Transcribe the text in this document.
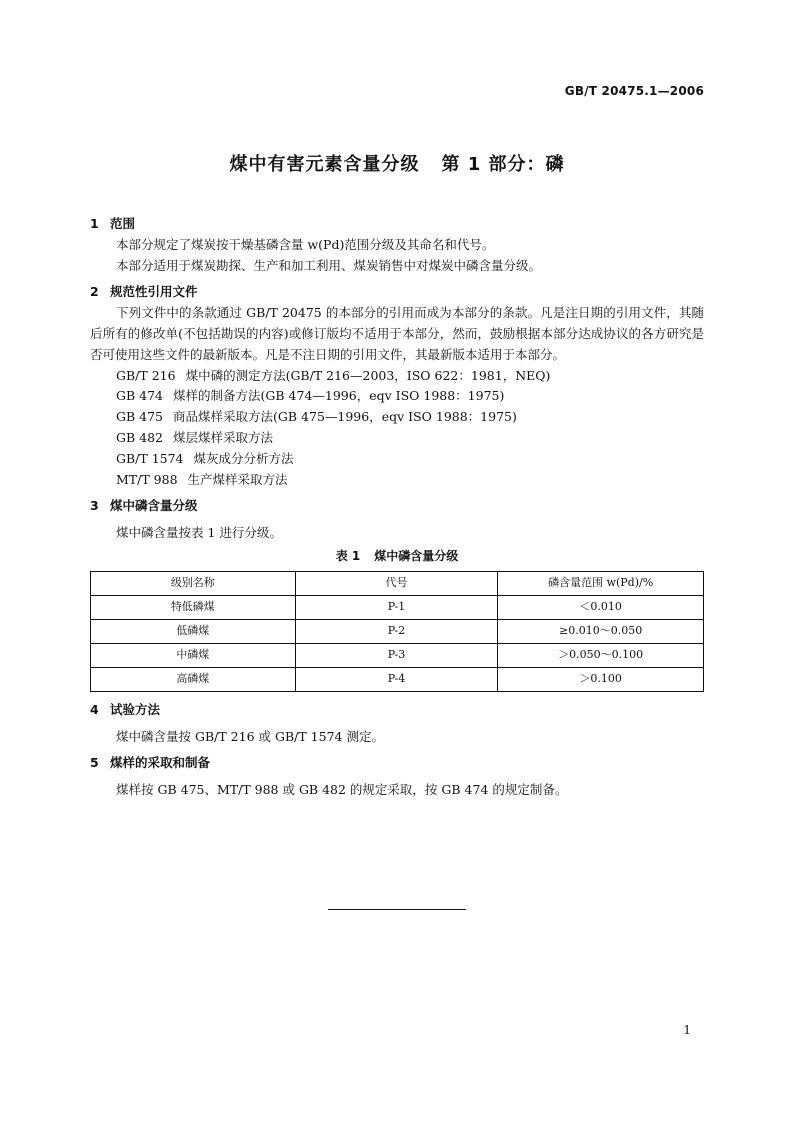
GB/T 20475.1—2006
煤中有害元素含量分级 第 1 部分：磷

1 范围

本部分规定了煤炭按干燥基磷含量 w(Pd)范围分级及其命名和代号。

本部分适用于煤炭勘探、生产和加工利用、煤炭销售中对煤炭中磷含量分级。

2 规范性引用文件

下列文件中的条款通过 GB/T 20475 的本部分的引用而成为本部分的条款。凡是注日期的引用文件，其随后所有的修改单(不包括勘误的内容)或修订版均不适用于本部分，然而，鼓励根据本部分达成协议的各方研究是否可使用这些文件的最新版本。凡是不注日期的引用文件，其最新版本适用于本部分。

GB/T 216 煤中磷的测定方法(GB/T 216—2003，ISO 622：1981，NEQ)

GB 474 煤样的制备方法(GB 474—1996，eqv ISO 1988：1975)

GB 475 商品煤样采取方法(GB 475—1996，eqv ISO 1988：1975)

GB 482 煤层煤样采取方法

GB/T 1574 煤灰成分分析方法

MT/T 988 生产煤样采取方法

3 煤中磷含量分级

煤中磷含量按表 1 进行分级。

表 1 煤中磷含量分级
级别名称	代号	磷含量范围 w(Pd)/%
特低磷煤	P-1	＜0.010
低磷煤	P-2	≥0.010～0.050
中磷煤	P-3	＞0.050～0.100
高磷煤	P-4	＞0.100

4 试验方法

煤中磷含量按 GB/T 216 或 GB/T 1574 测定。

5 煤样的采取和制备

煤样按 GB 475、MT/T 988 或 GB 482 的规定采取，按 GB 474 的规定制备。

1
